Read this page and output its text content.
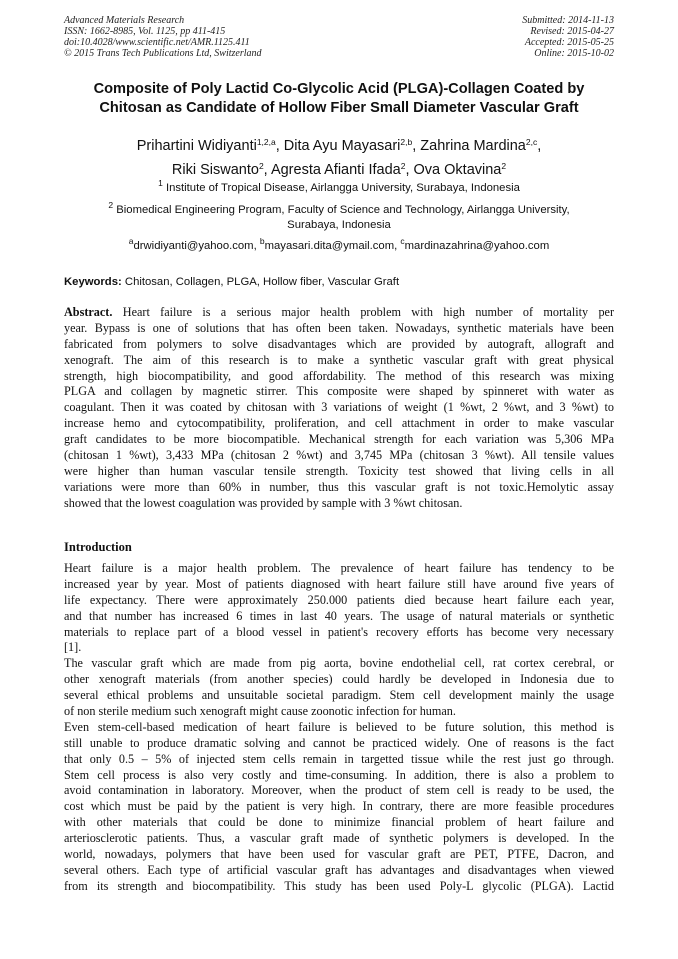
Advanced Materials Research
ISSN: 1662-8985, Vol. 1125, pp 411-415
doi:10.4028/www.scientific.net/AMR.1125.411
© 2015 Trans Tech Publications Ltd, Switzerland
Submitted: 2014-11-13
Revised: 2015-04-27
Accepted: 2015-05-25
Online: 2015-10-02
Composite of Poly Lactid Co-Glycolic Acid (PLGA)-Collagen Coated by
Chitosan as Candidate of Hollow Fiber Small Diameter Vascular Graft
Prihartini Widiyanti$^{1,2,a}$, Dita Ayu Mayasari$^{2,b}$, Zahrina Mardina$^{2,c}$,
Riki Siswanto$^2$, Agresta Afianti Ifada$^2$, Ova Oktavina$^2$
$^1$ Institute of Tropical Disease, Airlangga University, Surabaya, Indonesia
$^2$ Biomedical Engineering Program, Faculty of Science and Technology, Airlangga University,
Surabaya, Indonesia
$^a$drwidiyanti@yahoo.com, $^b$mayasari.dita@ymail.com, $^c$mardinazahrina@yahoo.com
Keywords: Chitosan, Collagen, PLGA, Hollow fiber, Vascular Graft
Abstract. Heart failure is a serious major health problem with high number of mortality per
year. Bypass is one of solutions that has often been taken. Nowadays, synthetic materials have been
fabricated from polymers to solve disadvantages which are provided by autograft, allograft and
xenograft. The aim of this research is to make a synthetic vascular graft with great physical
strength, high biocompatibility, and good affordability. The method of this research was mixing
PLGA and collagen by magnetic stirrer. This composite were shaped by spinneret with water as
coagulant. Then it was coated by chitosan with 3 variations of weight (1 %wt, 2 %wt, and 3 %wt) to
increase hemo and cytocompatibility, proliferation, and cell attachment in order to make vascular
graft candidates to be more biocompatible. Mechanical strength for each variation was 5,306 MPa
(chitosan 1 %wt), 3,433 MPa (chitosan 2 %wt) and 3,745 MPa (chitosan 3 %wt). All tensile values
were higher than human vascular tensile strength. Toxicity test showed that living cells in all
variations were more than 60% in number, thus this vascular graft is not toxic.Hemolytic assay
showed that the lowest coagulation was provided by sample with 3 %wt chitosan.
Introduction
Heart failure is a major health problem. The prevalence of heart failure has tendency to be
increased year by year. Most of patients diagnosed with heart failure still have around five years of
life expectancy. There were approximately 250.000 patients died because heart failure each year,
and that number has increased 6 times in last 40 years. The usage of natural materials or synthetic
materials to replace part of a blood vessel in patient's recovery efforts has become very necessary
[1].
The vascular graft which are made from pig aorta, bovine endothelial cell, rat cortex cerebral, or
other xenograft materials (from another species) could hardly be developed in Indonesia due to
several ethical problems and unsuitable societal paradigm. Stem cell development mainly the usage
of non sterile medium such xenograft might cause zoonotic infection for human.
Even stem-cell-based medication of heart failure is believed to be future solution, this method is
still unable to produce dramatic solving and cannot be practiced widely. One of reasons is the fact
that only 0.5 – 5% of injected stem cells remain in targetted tissue while the rest just go through.
Stem cell process is also very costly and time-consuming. In addition, there is also a problem to
avoid contamination in laboratory. Moreover, when the product of stem cell is ready to be used, the
cost which must be paid by the patient is very high. In contrary, there are more feasible procedures
with other materials that could be done to minimize financial problem of heart failure and
arteriosclerotic patients. Thus, a vascular graft made of synthetic polymers is developed. In the
world, nowadays, polymers that have been used for vascular graft are PET, PTFE, Dacron, and
several others. Each type of artificial vascular graft has advantages and disadvantages when viewed
from its strength and biocompatibility. This study has been used Poly-L glycolic (PLGA). Lactid
